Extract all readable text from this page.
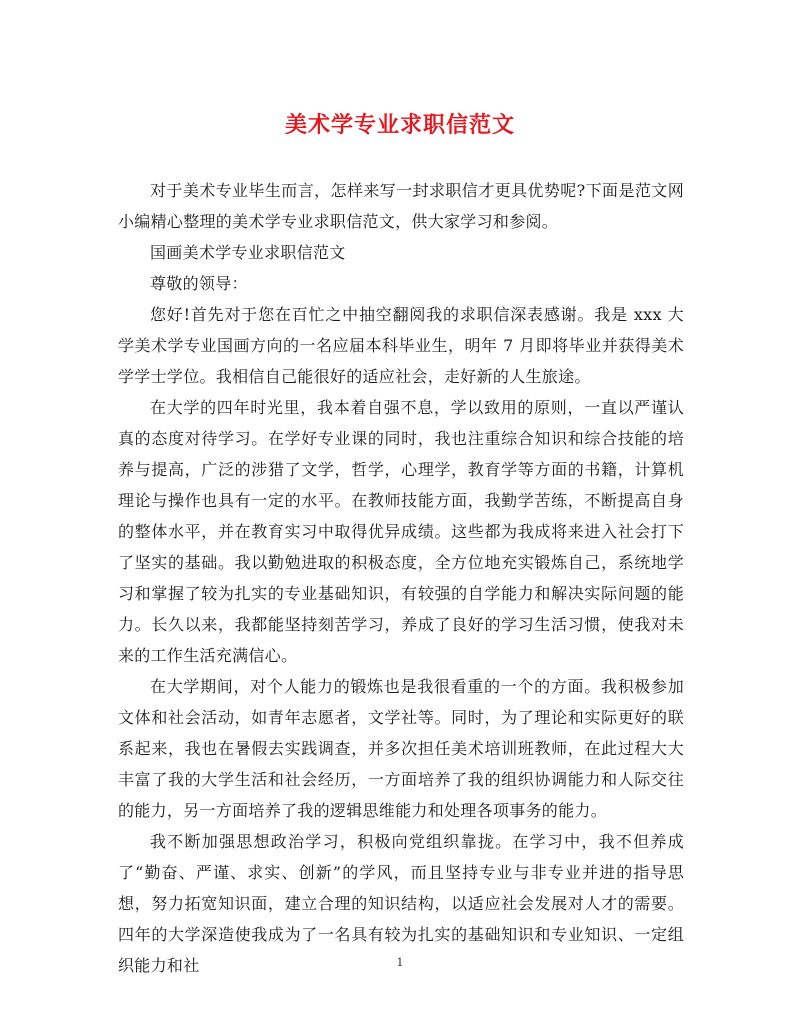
美术学专业求职信范文

对于美术专业毕生而言，怎样来写一封求职信才更具优势呢?下面是范文网小编精心整理的美术学专业求职信范文，供大家学习和参阅。

国画美术学专业求职信范文

尊敬的领导：

您好!首先对于您在百忙之中抽空翻阅我的求职信深表感谢。我是 xxx 大学美术学专业国画方向的一名应届本科毕业生，明年 7 月即将毕业并获得美术学学士学位。我相信自己能很好的适应社会，走好新的人生旅途。

在大学的四年时光里，我本着自强不息，学以致用的原则，一直以严谨认真的态度对待学习。在学好专业课的同时，我也注重综合知识和综合技能的培养与提高，广泛的涉猎了文学，哲学，心理学，教育学等方面的书籍，计算机理论与操作也具有一定的水平。在教师技能方面，我勤学苦练，不断提高自身的整体水平，并在教育实习中取得优异成绩。这些都为我成将来进入社会打下了坚实的基础。我以勤勉进取的积极态度，全方位地充实锻炼自己，系统地学习和掌握了较为扎实的专业基础知识，有较强的自学能力和解决实际问题的能力。长久以来，我都能坚持刻苦学习，养成了良好的学习生活习惯，使我对未来的工作生活充满信心。

在大学期间，对个人能力的锻炼也是我很看重的一个的方面。我积极参加文体和社会活动，如青年志愿者，文学社等。同时，为了理论和实际更好的联系起来，我也在暑假去实践调查，并多次担任美术培训班教师，在此过程大大丰富了我的大学生活和社会经历，一方面培养了我的组织协调能力和人际交往的能力，另一方面培养了我的逻辑思维能力和处理各项事务的能力。

我不断加强思想政治学习，积极向党组织靠拢。在学习中，我不但养成了“勤奋、严谨、求实、创新”的学风，而且坚持专业与非专业并进的指导思想，努力拓宽知识面，建立合理的知识结构，以适应社会发展对人才的需要。四年的大学深造使我成为了一名具有较为扎实的基础知识和专业知识、一定组织能力和社	1
